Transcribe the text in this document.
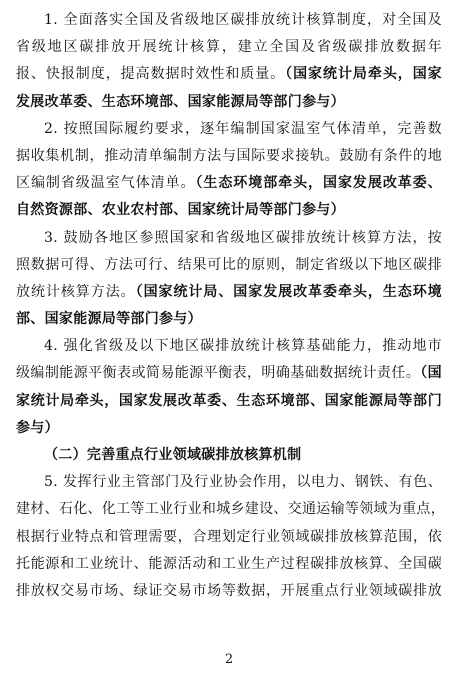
1. 全面落实全国及省级地区碳排放统计核算制度，对全国及
省级地区碳排放开展统计核算，建立全国及省级碳排放数据年
报、快报制度，提高数据时效性和质量。（国家统计局牵头，国家
发展改革委、生态环境部、国家能源局等部门参与）
2. 按照国际履约要求，逐年编制国家温室气体清单，完善数
据收集机制，推动清单编制方法与国际要求接轨。鼓励有条件的地
区编制省级温室气体清单。（生态环境部牵头，国家发展改革委、
自然资源部、农业农村部、国家统计局等部门参与）
3. 鼓励各地区参照国家和省级地区碳排放统计核算方法，按
照数据可得、方法可行、结果可比的原则，制定省级以下地区碳排
放统计核算方法。（国家统计局、国家发展改革委牵头，生态环境
部、国家能源局等部门参与）
4. 强化省级及以下地区碳排放统计核算基础能力，推动地市
级编制能源平衡表或简易能源平衡表，明确基础数据统计责任。（国
家统计局牵头，国家发展改革委、生态环境部、国家能源局等部门
参与）
（二）完善重点行业领域碳排放核算机制
5. 发挥行业主管部门及行业协会作用，以电力、钢铁、有色、
建材、石化、化工等工业行业和城乡建设、交通运输等领域为重点，
根据行业特点和管理需要，合理划定行业领域碳排放核算范围，依
托能源和工业统计、能源活动和工业生产过程碳排放核算、全国碳
排放权交易市场、绿证交易市场等数据，开展重点行业领域碳排放
2
